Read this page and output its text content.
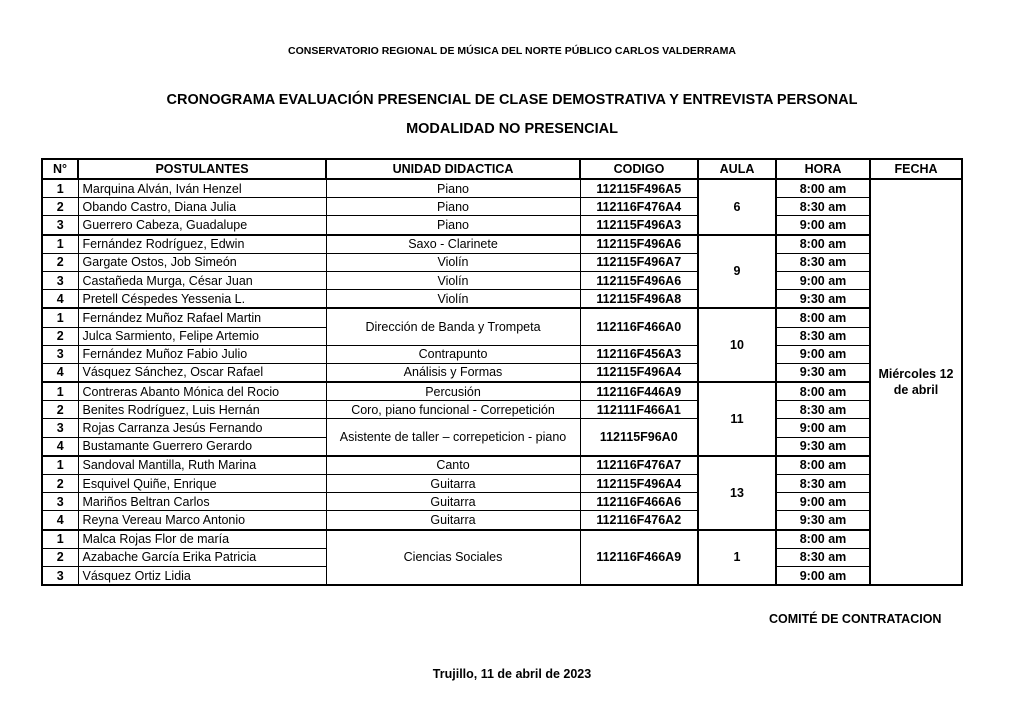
CONSERVATORIO REGIONAL DE MÚSICA DEL NORTE PÚBLICO CARLOS VALDERRAMA
CRONOGRAMA EVALUACIÓN PRESENCIAL DE CLASE DEMOSTRATIVA Y ENTREVISTA PERSONAL
MODALIDAD NO PRESENCIAL
N°	POSTULANTES	UNIDAD DIDACTICA	CODIGO	AULA	HORA	FECHA
1	Marquina Alván, Iván Henzel	Piano	112115F496A5	6	8:00 am	Miércoles 12 de abril
2	Obando Castro, Diana Julia	Piano	112116F476A4		8:30 am	
3	Guerrero Cabeza, Guadalupe	Piano	112115F496A3		9:00 am	
1	Fernández Rodríguez, Edwin	Saxo - Clarinete	112115F496A6	9	8:00 am	
2	Gargate Ostos, Job Simeón	Violín	112115F496A7		8:30 am	
3	Castañeda Murga, César Juan	Violín	112115F496A6		9:00 am	
4	Pretell Céspedes Yessenia L.	Violín	112115F496A8		9:30 am	
1	Fernández Muñoz Rafael Martin	Dirección de Banda y Trompeta	112116F466A0	10	8:00 am	
2	Julca Sarmiento, Felipe Artemio				8:30 am	
3	Fernández Muñoz Fabio Julio	Contrapunto	112116F456A3		9:00 am	
4	Vásquez Sánchez, Oscar Rafael	Análisis y Formas	112115F496A4		9:30 am	
1	Contreras Abanto Mónica del Rocio	Percusión	112116F446A9	11	8:00 am	
2	Benites Rodríguez, Luis Hernán	Coro, piano funcional - Correpetición	112111F466A1		8:30 am	
3	Rojas Carranza Jesús Fernando	Asistente de taller – correpeticion - piano	112115F96A0		9:00 am	
4	Bustamante Guerrero Gerardo				9:30 am	
1	Sandoval Mantilla, Ruth Marina	Canto	112116F476A7	13	8:00 am	
2	Esquivel Quiñe, Enrique	Guitarra	112115F496A4		8:30 am	
3	Mariños Beltran Carlos	Guitarra	112116F466A6		9:00 am	
4	Reyna Vereau Marco Antonio	Guitarra	112116F476A2		9:30 am	
1	Malca Rojas Flor de maría	Ciencias Sociales	112116F466A9	1	8:00 am	
2	Azabache García Erika Patricia				8:30 am	
3	Vásquez Ortiz Lidia				9:00 am	
COMITÉ DE CONTRATACION
Trujillo, 11 de abril de 2023
